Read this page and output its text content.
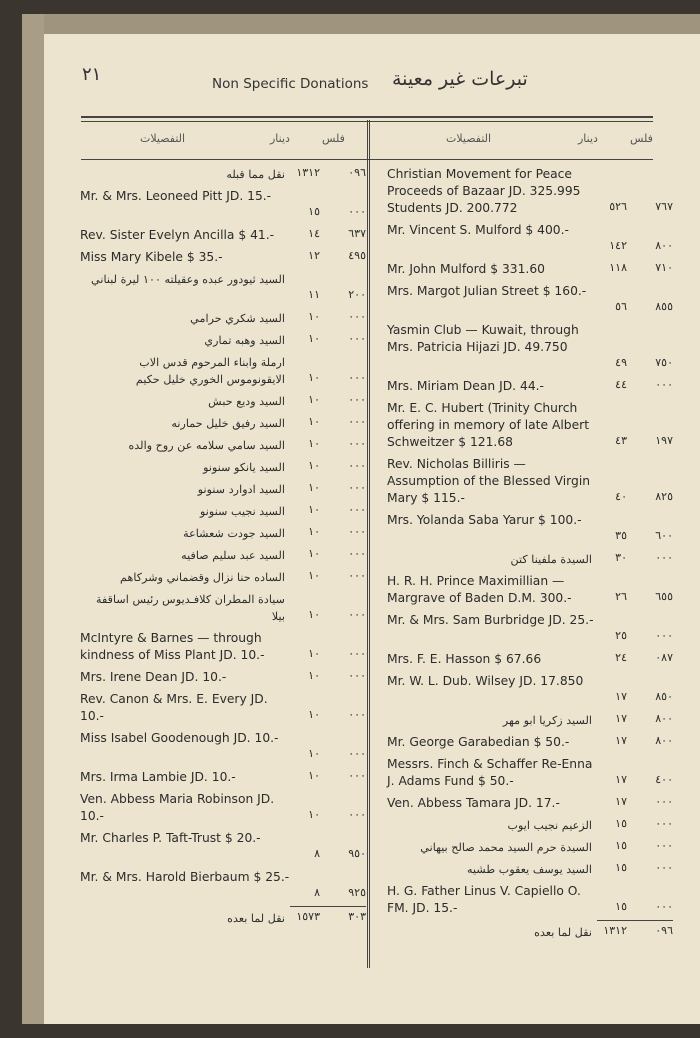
٢١	Non Specific Donations تبرعات غير معينة
التفصيلات	دينار	فلس
التفصيلات	دينار	فلس
نقل مما قبله	١٣١٢	٠٩٦
Mr. & Mrs. Leoneed Pitt JD. 15.-
١٥	٠٠٠
Rev. Sister Evelyn Ancilla $ 41.-	١٤	٦٣٧
Miss Mary Kibele $ 35.-	١٢	٤٩٥
السيد ثيودور عبده وعقيلته ١٠٠ ليرة لبناني
١١	٢٠٠
السيد شكري حرامي	١٠	٠٠٠
السيد وهبه تماري	١٠	٠٠٠
ارملة وابناء المرحوم قدس الاب الايقونوموس الخوري خليل حكيم	١٠	٠٠٠
السيد وديع حبش	١٠	٠٠٠
السيد رفيق خليل حمارنه	١٠	٠٠٠
السيد سامي سلامه عن روح والده	١٠	٠٠٠
السيد يانكو سنونو	١٠	٠٠٠
السيد ادوارد سنونو	١٠	٠٠٠
السيد نجيب سنونو	١٠	٠٠٠
السيد جودت شعشاعة	١٠	٠٠٠
السيد عبد سليم صافيه	١٠	٠٠٠
الساده حنا نزال وقضماني وشركاهم	١٠	٠٠٠
سيادة المطران كلافـديوس رئيس اساقفة بيلا	١٠	٠٠٠
McIntyre & Barnes — through kindness of Miss Plant JD. 10.-	١٠	٠٠٠
Mrs. Irene Dean JD. 10.-	١٠	٠٠٠
Rev. Canon & Mrs. E. Every JD. 10.-	١٠	٠٠٠
Miss Isabel Goodenough JD. 10.-
١٠	٠٠٠
Mrs. Irma Lambie JD. 10.-	١٠	٠٠٠
Ven. Abbess Maria Robinson JD. 10.-	١٠	٠٠٠
Mr. Charles P. Taft-Trust $ 20.-
٨	٩٥٠
Mr. & Mrs. Harold Bierbaum $ 25.-
٨	٩٢٥
نقل لما بعده	١٥٧٣	٣٠٣
Christian Movement for Peace Proceeds of Bazaar JD. 325.995 Students JD. 200.772	٥٢٦	٧٦٧
Mr. Vincent S. Mulford $ 400.-
١٤٢	٨٠٠
Mr. John Mulford $ 331.60	١١٨	٧١٠
Mrs. Margot Julian Street $ 160.-
٥٦	٨٥٥
Yasmin Club — Kuwait, through Mrs. Patricia Hijazi JD. 49.750
٤٩	٧٥٠
Mrs. Miriam Dean JD. 44.-	٤٤	٠٠٠
Mr. E. C. Hubert (Trinity Church offering in memory of late Albert Schweitzer $ 121.68	٤٣	١٩٧
Rev. Nicholas Billiris — Assumption of the Blessed Virgin Mary $ 115.-	٤٠	٨٢٥
Mrs. Yolanda Saba Yarur $ 100.-
٣٥	٦٠٠
السيدة ملفينا كتن	٣٠	٠٠٠
H. R. H. Prince Maximillian — Margrave of Baden D.M. 300.-	٢٦	٦٥٥
Mr. & Mrs. Sam Burbridge JD. 25.-
٢٥	٠٠٠
Mrs. F. E. Hasson $ 67.66	٢٤	٠٨٧
Mr. W. L. Dub. Wilsey JD. 17.850
١٧	٨٥٠
السيد زكريا ابو مهر	١٧	٨٠٠
Mr. George Garabedian $ 50.-	١٧	٨٠٠
Messrs. Finch & Schaffer Re-Enna J. Adams Fund $ 50.-	١٧	٤٠٠
Ven. Abbess Tamara JD. 17.-	١٧	٠٠٠
الزعيم نجيب ايوب	١٥	٠٠٠
السيدة حرم السيد محمد صالح بيهاني	١٥	٠٠٠
السيد يوسف يعقوب طشيه	١٥	٠٠٠
H. G. Father Linus V. Capiello O. FM. JD. 15.-	١٥	٠٠٠
نقل لما بعده	١٣١٢	٠٩٦
